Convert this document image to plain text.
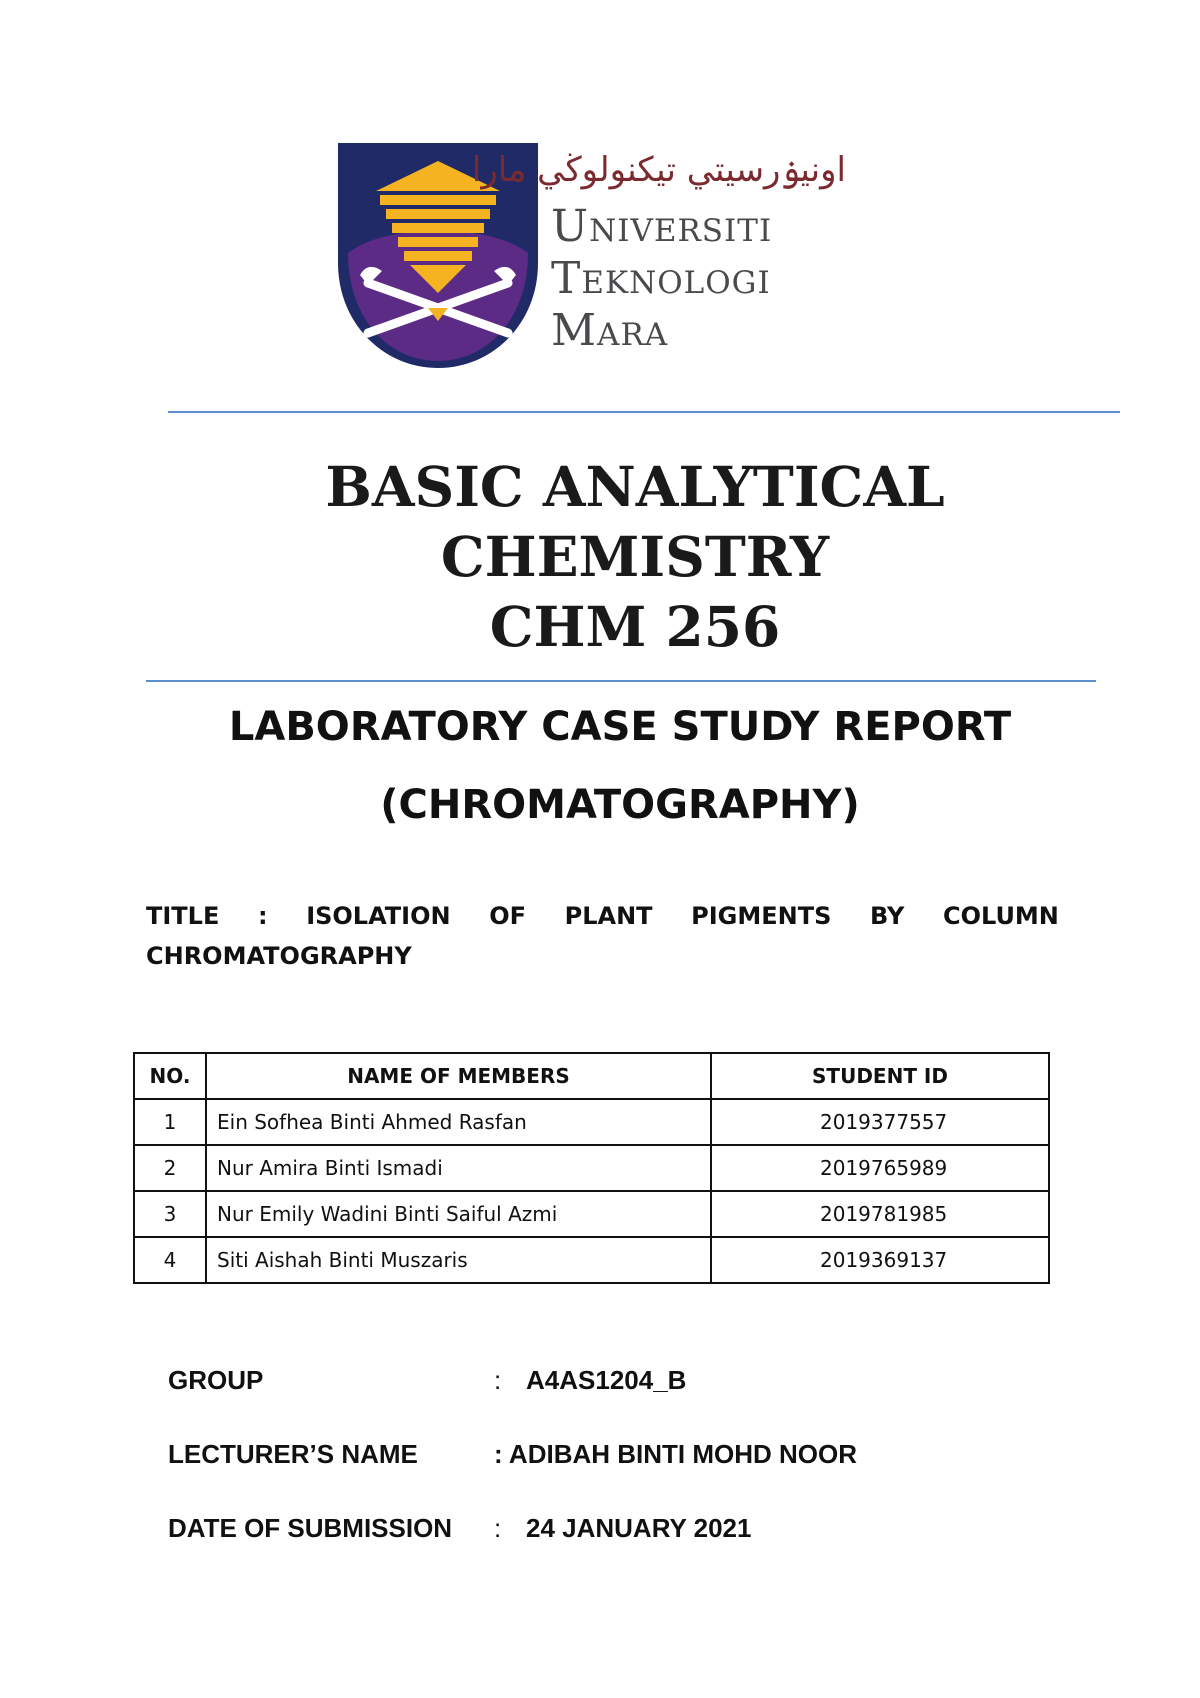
اونيۏرسيتي تيكنولوڬي مارا
Universiti
Teknologi
Mara
BASIC ANALYTICAL CHEMISTRY
CHM 256
LABORATORY CASE STUDY REPORT
(CHROMATOGRAPHY)
TITLE : ISOLATION OF PLANT PIGMENTS BY COLUMN
CHROMATOGRAPHY
NO.	NAME OF MEMBERS	STUDENT ID
1	Ein Sofhea Binti Ahmed Rasfan	2019377557
2	Nur Amira Binti Ismadi	2019765989
3	Nur Emily Wadini Binti Saiful Azmi	2019781985
4	Siti Aishah Binti Muszaris	2019369137
GROUP	: A4AS1204_B
LECTURER’S NAME	: ADIBAH BINTI MOHD NOOR
DATE OF SUBMISSION : 24 JANUARY 2021
